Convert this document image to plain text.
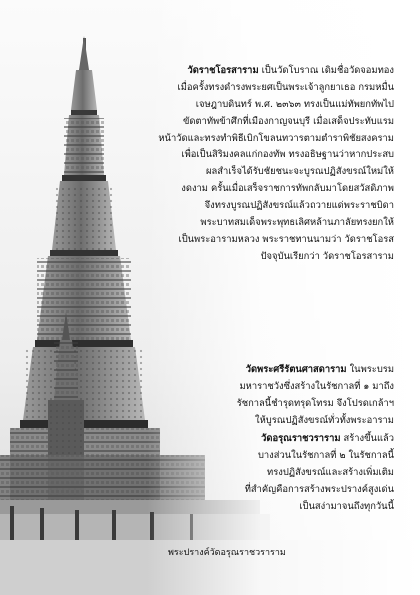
วัดราชโอรสาราม เป็นวัดโบราณ เดิมชื่อวัดจอมทอง
เมื่อครั้งทรงดำรงพระยศเป็นพระเจ้าลูกยาเธอ กรมหมื่น
เจษฎาบดินทร์ พ.ศ. ๒๓๖๓ ทรงเป็นแม่ทัพยกทัพไป
ขัดตาทัพข้าศึกที่เมืองกาญจนบุรี เมื่อเสด็จประทับแรม
หน้าวัดและทรงทำพิธีเบิกโขลนทวารตามตำราพิชัยสงคราม
เพื่อเป็นสิริมงคลแก่กองทัพ ทรงอธิษฐานว่าหากประสบ
ผลสำเร็จได้รับชัยชนะจะบูรณปฏิสังขรณ์ใหม่ให้
งดงาม ครั้นเมื่อเสร็จราชการทัพกลับมาโดยสวัสดิภาพ
จึงทรงบูรณปฏิสังขรณ์แล้วถวายแด่พระราชบิดา
พระบาทสมเด็จพระพุทธเลิศหล้านภาลัยทรงยกให้
เป็นพระอารามหลวง พระราชทานนามว่า วัดราชโอรส
ปัจจุบันเรียกว่า วัดราชโอรสาราม
วัดพระศรีรัตนศาสดาราม ในพระบรม
มหาราชวังซึ่งสร้างในรัชกาลที่ ๑ มาถึง
รัชกาลนี้ชำรุดทรุดโทรม จึงโปรดเกล้าฯ
ให้บูรณปฏิสังขรณ์ทั่วทั้งพระอาราม
วัดอรุณราชวราราม สร้างขึ้นแล้ว
บางส่วนในรัชกาลที่ ๒ ในรัชกาลนี้
ทรงปฏิสังขรณ์และสร้างเพิ่มเติม
ที่สำคัญคือการสร้างพระปรางค์สูงเด่น
เป็นสง่ามาจนถึงทุกวันนี้
พระปรางค์วัดอรุณราชวราราม
